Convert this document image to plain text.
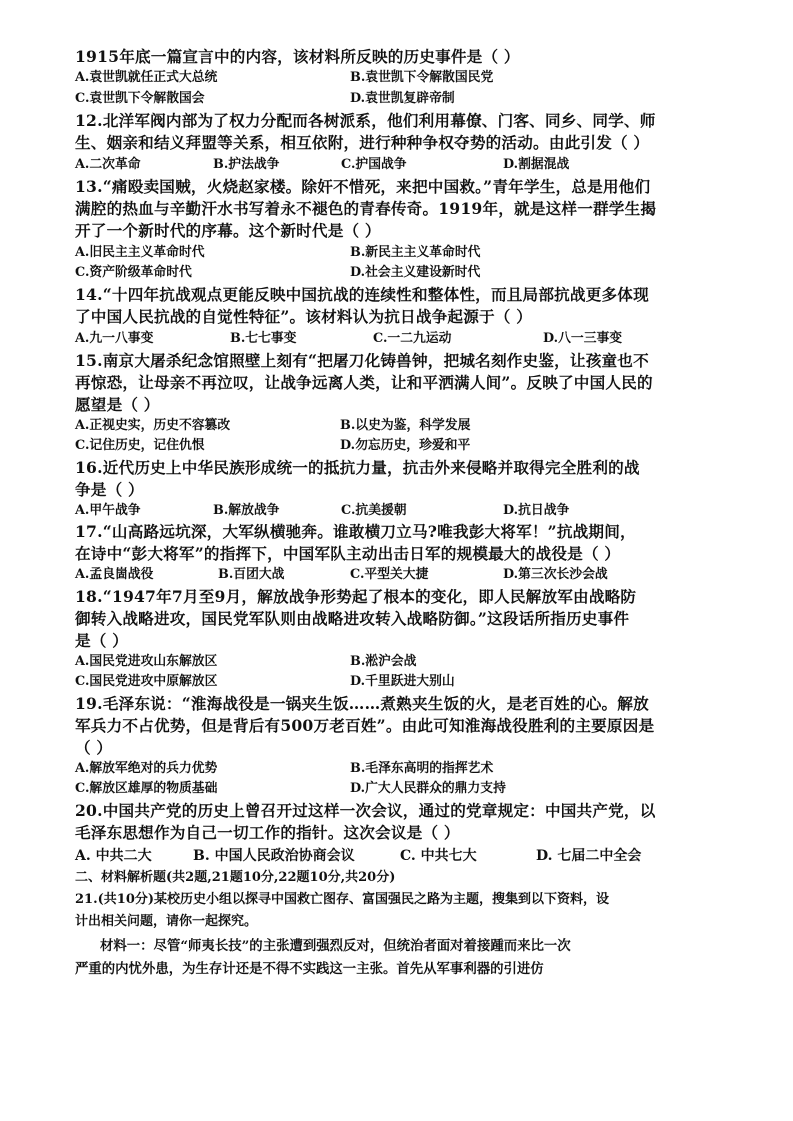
1915年底一篇宣言中的内容，该材料所反映的历史事件是（ ）
A.袁世凯就任正式大总统	B.袁世凯下令解散国民党
C.袁世凯下令解散国会	D.袁世凯复辟帝制
12.北洋军阀内部为了权力分配而各树派系，他们利用幕僚、门客、同乡、同学、师
生、姻亲和结义拜盟等关系，相互依附，进行种种争权夺势的活动。由此引发（ ）
A.二次革命	B.护法战争	C.护国战争	D.割据混战
13.“痛殴卖国贼，火烧赵家楼。除奸不惜死，来把中国救。”青年学生，总是用他们
满腔的热血与辛勤汗水书写着永不褪色的青春传奇。1919年，就是这样一群学生揭
开了一个新时代的序幕。这个新时代是（ ）
A.旧民主主义革命时代	B.新民主主义革命时代
C.资产阶级革命时代	D.社会主义建设新时代
14.“十四年抗战观点更能反映中国抗战的连续性和整体性，而且局部抗战更多体现
了中国人民抗战的自觉性特征”。该材料认为抗日战争起源于（ ）
A.九一八事变	B.七七事变	C.一二九运动	D.八一三事变
15.南京大屠杀纪念馆照壁上刻有“把屠刀化铸兽钟，把城名刻作史鉴，让孩童也不
再惊恐，让母亲不再泣叹，让战争远离人类，让和平洒满人间”。反映了中国人民的
愿望是（ ）
A.正视史实，历史不容篡改	B.以史为鉴，科学发展
C.记住历史，记住仇恨	D.勿忘历史，珍爱和平
16.近代历史上中华民族形成统一的抵抗力量，抗击外来侵略并取得完全胜利的战
争是（ ）
A.甲午战争	B.解放战争	C.抗美援朝	D.抗日战争
17.“山高路远坑深，大军纵横驰奔。谁敢横刀立马?唯我彭大将军！”抗战期间，
在诗中“彭大将军”的指挥下，中国军队主动出击日军的规模最大的战役是（ ）
A.孟良崮战役	B.百团大战	C.平型关大捷	D.第三次长沙会战
18.“1947年7月至9月，解放战争形势起了根本的变化，即人民解放军由战略防
御转入战略进攻，国民党军队则由战略进攻转入战略防御。”这段话所指历史事件
是（ ）
A.国民党进攻山东解放区	B.淞沪会战
C.国民党进攻中原解放区	D.千里跃进大别山
19.毛泽东说：“淮海战役是一锅夹生饭……煮熟夹生饭的火，是老百姓的心。解放
军兵力不占优势，但是背后有500万老百姓”。由此可知淮海战役胜利的主要原因是
（ ）
A.解放军绝对的兵力优势	B.毛泽东高明的指挥艺术
C.解放区雄厚的物质基础	D.广大人民群众的鼎力支持
20.中国共产党的历史上曾召开过这样一次会议，通过的党章规定：中国共产党，以
毛泽东思想作为自己一切工作的指针。这次会议是（ ）
A. 中共二大	B. 中国人民政治协商会议	C. 中共七大	D. 七届二中全会
二、材料解析题(共2题,21题10分,22题10分,共20分)
21.(共10分)某校历史小组以探寻中国救亡图存、富国强民之路为主题，搜集到以下资料，设
计出相关问题，请你一起探究。
材料一：尽管“师夷长技”的主张遭到强烈反对，但统治者面对着接踵而来比一次
严重的内忧外患，为生存计还是不得不实践这一主张。首先从军事利器的引进仿
